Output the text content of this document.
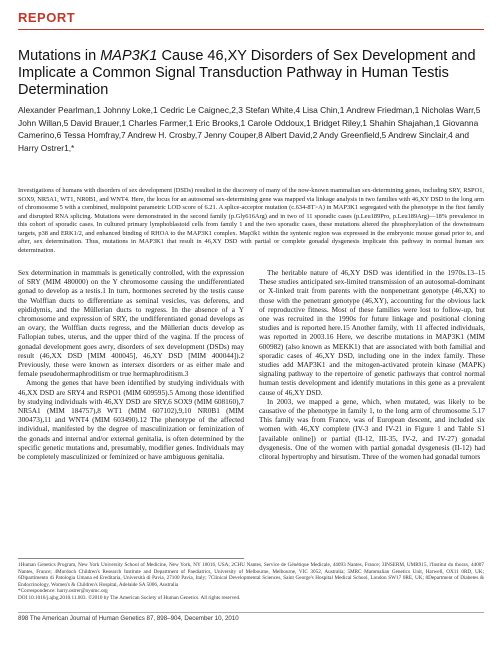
REPORT
Mutations in MAP3K1 Cause 46,XY Disorders of Sex Development and Implicate a Common Signal Transduction Pathway in Human Testis Determination
Alexander Pearlman,1 Johnny Loke,1 Cedric Le Caignec,2,3 Stefan White,4 Lisa Chin,1 Andrew Friedman,1 Nicholas Warr,5 John Willan,5 David Brauer,1 Charles Farmer,1 Eric Brooks,1 Carole Oddoux,1 Bridget Riley,1 Shahin Shajahan,1 Giovanna Camerino,6 Tessa Homfray,7 Andrew H. Crosby,7 Jenny Couper,8 Albert David,2 Andy Greenfield,5 Andrew Sinclair,4 and Harry Ostrer1,*
Investigations of humans with disorders of sex development (DSDs) resulted in the discovery of many of the now-known mammalian sex-determining genes, including SRY, RSPO1, SOX9, NR5A1, WT1, NR0B1, and WNT4. Here, the locus for an autosomal sex-determining gene was mapped via linkage analysis in two families with 46,XY DSD to the long arm of chromosome 5 with a combined, multipoint parametric LOD score of 6.21. A splice-acceptor mutation (c.634-8T>A) in MAP3K1 segregated with the phenotype in the first family and disrupted RNA splicing. Mutations were demonstrated in the second family (p.Gly616Arg) and in two of 11 sporadic cases (p.Leu189Pro, p.Leu189Arg)—18% prevalence in this cohort of sporadic cases. In cultured primary lymphoblastoid cells from family 1 and the two sporadic cases, these mutations altered the phosphorylation of the downstream targets, p38 and ERK1/2, and enhanced binding of RHOA to the MAP3K1 complex. Map3k1 within the syntenic region was expressed in the embryonic mouse gonad prior to, and after, sex determination. Thus, mutations in MAP3K1 that result in 46,XY DSD with partial or complete gonadal dysgenesis implicate this pathway in normal human sex determination.

Sex determination in mammals is genetically controlled, with the expression of SRY (MIM 480000) on the Y chromosome causing the undifferentiated gonad to develop as a testis.1 In turn, hormones secreted by the testis cause the Wolffian ducts to differentiate as seminal vesicles, vas deferens, and epididymis, and the Müllerian ducts to regress. In the absence of a Y chromosome and expression of SRY, the undifferentiated gonad develops as an ovary, the Wolffian ducts regress, and the Müllerian ducts develop as Fallopian tubes, uterus, and the upper third of the vagina. If the process of gonadal development goes awry, disorders of sex development (DSDs) may result (46,XX DSD [MIM 400045], 46,XY DSD [MIM 400044]).2 Previously, these were known as intersex disorders or as either male and female pseudohermaphroditism or true hermaphroditism.3

Among the genes that have been identified by studying individuals with 46,XX DSD are SRY4 and RSPO1 (MIM 609595).5 Among those identified by studying individuals with 46,XY DSD are SRY,6 SOX9 (MIM 608160),7 NR5A1 (MIM 184757),8 WT1 (MIM 607102),9,10 NR0B1 (MIM 300473),11 and WNT4 (MIM 603490).12 The phenotype of the affected individual, manifested by the degree of masculinization or feminization of the gonads and internal and/or external genitalia, is often determined by the specific genetic mutations and, presumably, modifier genes. Individuals may be completely masculinized or feminized or have ambiguous genitalia.

The heritable nature of 46,XY DSD was identified in the 1970s.13–15 These studies anticipated sex-limited transmission of an autosomal-dominant or X-linked trait from parents with the nonpenetrant genotype (46,XX) to those with the penetrant genotype (46,XY), accounting for the obvious lack of reproductive fitness. Most of these families were lost to follow-up, but one was recruited in the 1990s for future linkage and positional cloning studies and is reported here.15 Another family, with 11 affected individuals, was reported in 2003.16 Here, we describe mutations in MAP3K1 (MIM 600982) (also known as MEKK1) that are associated with both familial and sporadic cases of 46,XY DSD, including one in the index family. These studies add MAP3K1 and the mitogen-activated protein kinase (MAPK) signaling pathway to the repertoire of genetic pathways that control normal human testis development and identify mutations in this gene as a prevalent cause of 46,XY DSD.

In 2003, we mapped a gene, which, when mutated, was likely to be causative of the phenotype in family 1, to the long arm of chromosome 5.17 This family was from France, was of European descent, and included six women with 46,XY complete (IV-3 and IV-21 in Figure 1 and Table S1 [available online]) or partial (II-12, III-35, IV-2, and IV-27) gonadal dysgenesis. One of the women with partial gonadal dysgenesis (II-12) had clitoral hypertrophy and hirsutism. Three of the women had gonadal tumors

1Human Genetics Program, New York University School of Medicine, New York, NY 10016, USA; 2CHU Nantes, Service de Génétique Medicale, 44093 Nantes, France; 3INSERM, UMR915, l'Institut du thorax, 44007 Nantes, France; 4Murdoch Children's Research Institute and Department of Paediatrics, University of Melbourne, Melbourne, VIC 3052, Australia; 5MRC Mammalian Genetics Unit, Harwell, OX11 0RD, UK; 6Dipartimento di Patologia Umana ed Ereditaria, Università di Pavia, 27100 Pavia, Italy; 7Clinical Developmental Sciences, Saint George's Hospital Medical School, London SW17 0RE, UK; 8Department of Diabetes & Endocrinology, Women's & Children's Hospital, Adelaide SA 5006, Australia

*Correspondence: harry.ostrer@nyumc.org

DOI 10.1016/j.ajhg.2010.11.003. ©2010 by The American Society of Human Genetics. All rights reserved.

898 The American Journal of Human Genetics 87, 898–904, December 10, 2010
